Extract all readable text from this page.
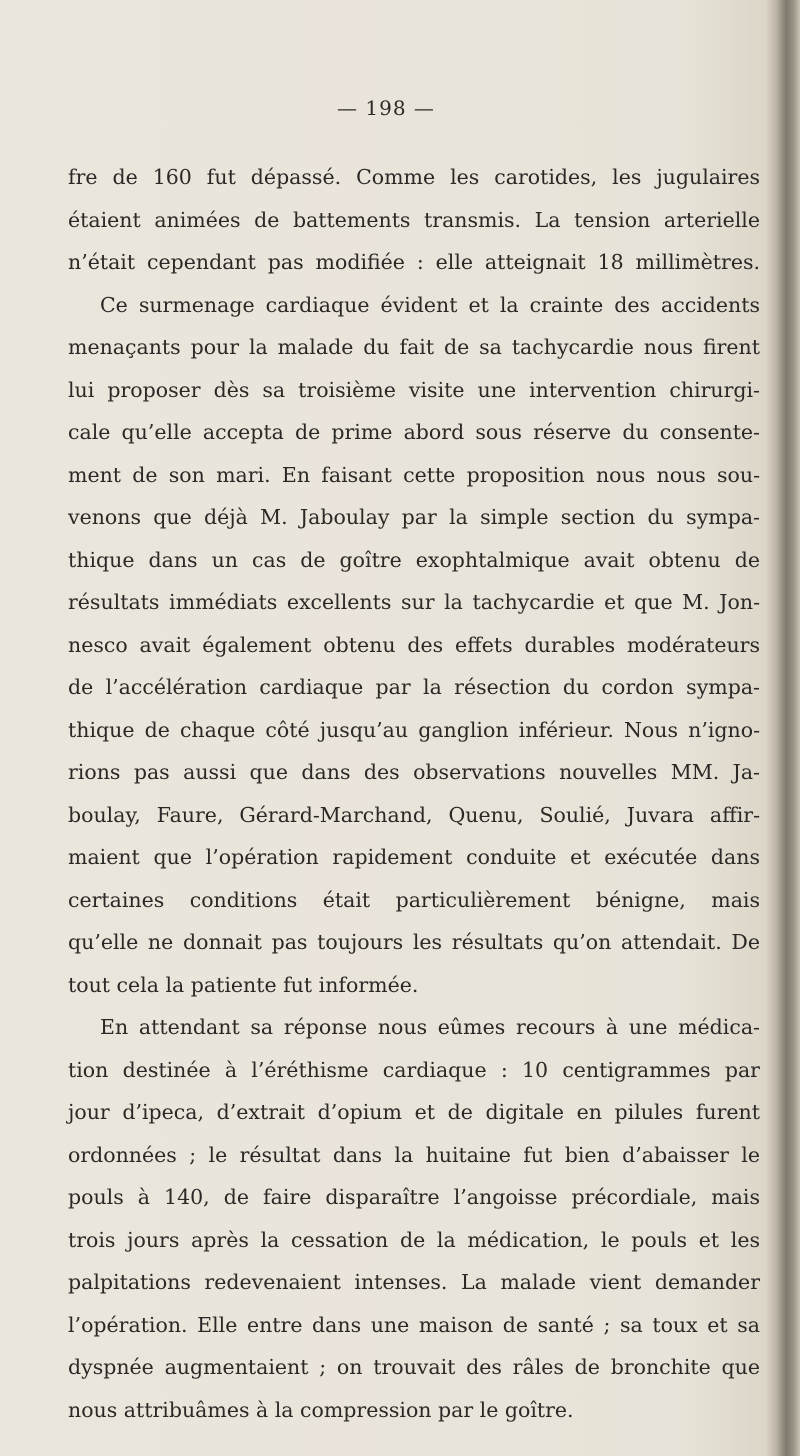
— 198 —
fre de 160 fut dépassé. Comme les carotides, les jugulaires
étaient animées de battements transmis. La tension arterielle
n’était cependant pas modifiée : elle atteignait 18 millimètres.
Ce surmenage cardiaque évident et la crainte des accidents
menaçants pour la malade du fait de sa tachycardie nous firent
lui proposer dès sa troisième visite une intervention chirurgi-
cale qu’elle accepta de prime abord sous réserve du consente-
ment de son mari. En faisant cette proposition nous nous sou-
venons que déjà M. Jaboulay par la simple section du sympa-
thique dans un cas de goître exophtalmique avait obtenu de
résultats immédiats excellents sur la tachycardie et que M. Jon-
nesco avait également obtenu des effets durables modérateurs
de l’accélération cardiaque par la résection du cordon sympa-
thique de chaque côté jusqu’au ganglion inférieur. Nous n’igno-
rions pas aussi que dans des observations nouvelles MM. Ja-
boulay, Faure, Gérard-Marchand, Quenu, Soulié, Juvara affir-
maient que l’opération rapidement conduite et exécutée dans
certaines conditions était particulièrement bénigne, mais
qu’elle ne donnait pas toujours les résultats qu’on attendait. De
tout cela la patiente fut informée.
En attendant sa réponse nous eûmes recours à une médica-
tion destinée à l’éréthisme cardiaque : 10 centigrammes par
jour d’ipeca, d’extrait d’opium et de digitale en pilules furent
ordonnées ; le résultat dans la huitaine fut bien d’abaisser le
pouls à 140, de faire disparaître l’angoisse précordiale, mais
trois jours après la cessation de la médication, le pouls et les
palpitations redevenaient intenses. La malade vient demander
l’opération. Elle entre dans une maison de santé ; sa toux et sa
dyspnée augmentaient ; on trouvait des râles de bronchite que
nous attribuâmes à la compression par le goître.
